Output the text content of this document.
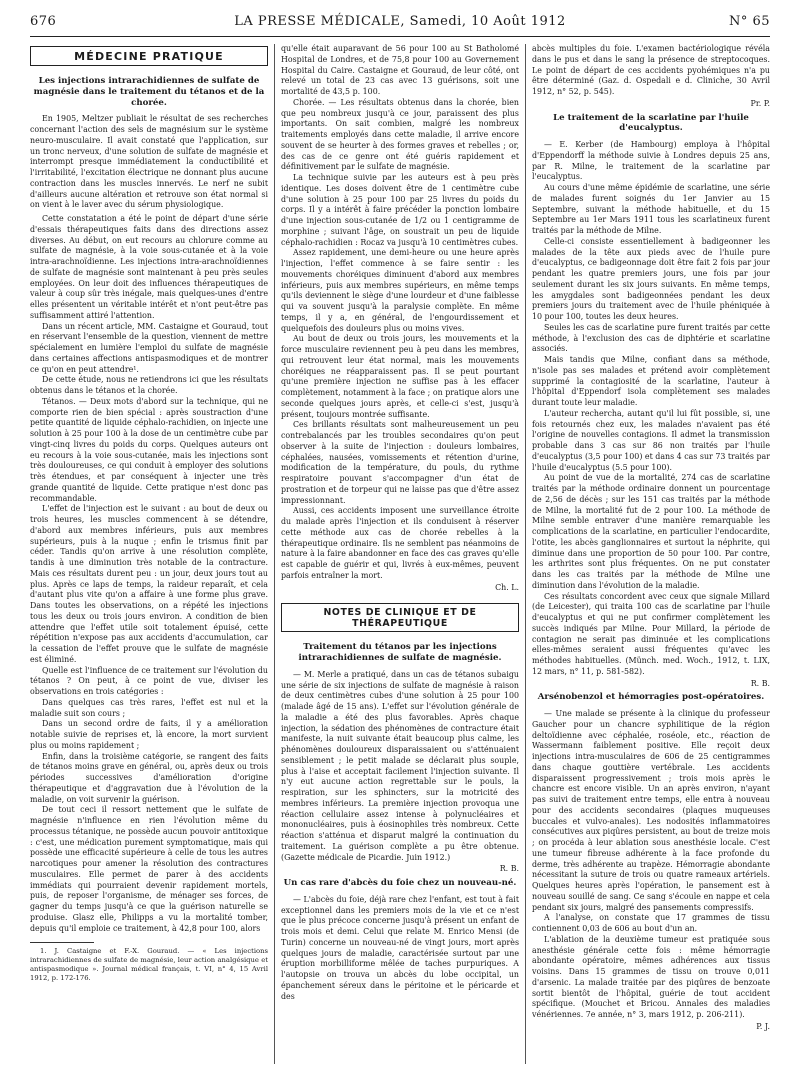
LA PRESSE MÉDICALE, Samedi, 10 Août 1912
676	N° 65
MÉDECINE PRATIQUE
Les injections intrarachidiennes de sulfate de magnésie dans le traitement du tétanos et de la chorée.

En 1905, Meltzer publiait le résultat de ses recherches concernant l'action des sels de magnésium sur le système neuro-musculaire. Il avait constaté que l'application, sur un tronc nerveux, d'une solution de sulfate de magnésie et interrompt presque immédiatement la conductibilité et l'irritabilité, l'excitation électrique ne donnant plus aucune contraction dans les muscles innervés. Le nerf ne subit d'ailleurs aucune altération et retrouve son état normal si on vient à le laver avec du sérum physiologique.

Cette constatation a été le point de départ d'une série d'essais thérapeutiques faits dans des directions assez diverses. Au début, on eut recours au chlorure comme au sulfate de magnésie, à la voie sous-cutanée et à la voie intra-arachnoïdienne. Les injections intra-arachnoïdiennes de sulfate de magnésie sont maintenant à peu près seules employées. On leur doit des influences thérapeutiques de valeur à coup sûr très inégale, mais quelques-unes d'entre elles présentent un véritable intérêt et n'ont peut-être pas suffisamment attiré l'attention.

Dans un récent article, MM. Castaigne et Gouraud, tout en réservant l'ensemble de la question, viennent de mettre spécialement en lumière l'emploi du sulfate de magnésie dans certaines affections antispasmodiques et de montrer ce qu'on en peut attendre¹.

De cette étude, nous ne retiendrons ici que les résultats obtenus dans le tétanos et la chorée.

Tétanos. — Deux mots d'abord sur la technique, qui ne comporte rien de bien spécial : après soustraction d'une petite quantité de liquide céphalo-rachidien, on injecte une solution à 25 pour 100 à la dose de un centimètre cube par vingt-cinq livres du poids du corps. Quelques auteurs ont eu recours à la voie sous-cutanée, mais les injections sont très douloureuses, ce qui conduit à employer des solutions très étendues, et par conséquent à injecter une très grande quantité de liquide. Cette pratique n'est donc pas recommandable.

L'effet de l'injection est le suivant : au bout de deux ou trois heures, les muscles commencent à se détendre, d'abord aux membres inférieurs, puis aux membres supérieurs, puis à la nuque ; enfin le trismus finit par céder. Tandis qu'on arrive à une résolution complète, tandis à une diminution très notable de la contracture. Mais ces résultats durent peu : un jour, deux jours tout au plus. Après ce laps de temps, la raideur reparaît, et cela d'autant plus vite qu'on a affaire à une forme plus grave. Dans toutes les observations, on a répété les injections tous les deux ou trois jours environ. A condition de bien attendre que l'effet utile soit totalement épuisé, cette répétition n'expose pas aux accidents d'accumulation, car la cessation de l'effet prouve que le sulfate de magnésie est éliminé.

Quelle est l'influence de ce traitement sur l'évolution du tétanos ? On peut, à ce point de vue, diviser les observations en trois catégories :

Dans quelques cas très rares, l'effet est nul et la maladie suit son cours ;

Dans un second ordre de faits, il y a amélioration notable suivie de reprises et, là encore, la mort survient plus ou moins rapidement ;

Enfin, dans la troisième catégorie, se rangent des faits de tétanos moins grave en général, ou, après deux ou trois périodes successives d'amélioration d'origine thérapeutique et d'aggravation due à l'évolution de la maladie, on voit survenir la guérison.

De tout ceci il ressort nettement que le sulfate de magnésie n'influence en rien l'évolution même du processus tétanique, ne possède aucun pouvoir antitoxique : c'est, une médication purement symptomatique, mais qui possède une efficacité supérieure à celle de tous les autres narcotiques pour amener la résolution des contractures musculaires. Elle permet de parer à des accidents immédiats qui pourraient devenir rapidement mortels, puis, de reposer l'organisme, de ménager ses forces, de gagner du temps jusqu'à ce que la guérison naturelle se produise. Glasz elle, Philipps a vu la mortalité tomber, depuis qu'il emploie ce traitement, à 42,8 pour 100, alors

1. J. Castaigne et F.-X. Gouraud. — « Les injections intrarachidiennes de sulfate de magnésie, leur action analgésique et antispasmodique ». Journal médical français, t. VI, n° 4, 15 Avril 1912, p. 172-176.

qu'elle était auparavant de 56 pour 100 au St Batholomé Hospital de Londres, et de 75,8 pour 100 au Governement Hospital du Caire. Castaigne et Gouraud, de leur côté, ont relevé un total de 23 cas avec 13 guérisons, soit une mortalité de 43,5 p. 100.

Chorée. — Les résultats obtenus dans la chorée, bien que peu nombreux jusqu'à ce jour, paraissent des plus importants. On sait combien, malgré les nombreux traitements employés dans cette maladie, il arrive encore souvent de se heurter à des formes graves et rebelles ; or, des cas de ce genre ont été guéris rapidement et définitivement par le sulfate de magnésie.

La technique suivie par les auteurs est à peu près identique. Les doses doivent être de 1 centimètre cube d'une solution à 25 pour 100 par 25 livres du poids du corps. Il y a intérêt à faire précéder la ponction lombaire d'une injection sous-cutanée de 1/2 ou 1 centigramme de morphine ; suivant l'âge, on soustrait un peu de liquide céphalo-rachidien : Rocaz va jusqu'à 10 centimètres cubes.

Assez rapidement, une demi-heure ou une heure après l'injection, l'effet commence à se faire sentir : les mouvements choréiques diminuent d'abord aux membres inférieurs, puis aux membres supérieurs, en même temps qu'ils deviennent le siège d'une lourdeur et d'une faiblesse qui va souvent jusqu'à la paralysie complète. En même temps, il y a, en général, de l'engourdissement et quelquefois des douleurs plus ou moins vives.

Au bout de deux ou trois jours, les mouvements et la force musculaire reviennent peu à peu dans les membres, qui retrouvent leur état normal, mais les mouvements choréiques ne réapparaissent pas. Il se peut pourtant qu'une première injection ne suffise pas à les effacer complètement, notamment à la face ; on pratique alors une seconde quelques jours après, et celle-ci s'est, jusqu'à présent, toujours montrée suffisante.

Ces brillants résultats sont malheureusement un peu contrebalancés par les troubles secondaires qu'on peut observer à la suite de l'injection : douleurs lombaires, céphalées, nausées, vomissements et rétention d'urine, modification de la température, du pouls, du rythme respiratoire pouvant s'accompagner d'un état de prostration et de torpeur qui ne laisse pas que d'être assez impressionnant.

Aussi, ces accidents imposent une surveillance étroite du malade après l'injection et ils conduisent à réserver cette méthode aux cas de chorée rebelles à la thérapeutique ordinaire. Ils ne semblent pas néanmoins de nature à la faire abandonner en face des cas graves qu'elle est capable de guérir et qui, livrés à eux-mêmes, peuvent parfois entraîner la mort.

Ch. L.

NOTES DE CLINIQUE ET DE THÉRAPEUTIQUE
Traitement du tétanos par les injections intrarachidiennes de sulfate de magnésie.

— M. Merle a pratiqué, dans un cas de tétanos subaigu une série de six injections de sulfate de magnésie à raison de deux centimètres cubes d'une solution à 25 pour 100 (malade âgé de 15 ans). L'effet sur l'évolution générale de la maladie a été des plus favorables. Après chaque injection, la sédation des phénomènes de contracture était manifeste, la nuit suivante était beaucoup plus calme, les phénomènes douloureux disparaissaient ou s'atténuaient sensiblement ; le petit malade se déclarait plus souple, plus à l'aise et acceptait facilement l'injection suivante. Il n'y eut aucune action regrettable sur le pouls, la respiration, sur les sphincters, sur la motricité des membres inférieurs. La première injection provoqua une réaction cellulaire assez intense à polynucléaires et mononucléaires, puis à éosinophiles très nombreux. Cette réaction s'atténua et disparut malgré la continuation du traitement. La guérison complète a pu être obtenue. (Gazette médicale de Picardie. Juin 1912.)

R. B.

Un cas rare d'abcès du foie chez un nouveau-né.

— L'abcès du foie, déjà rare chez l'enfant, est tout à fait exceptionnel dans les premiers mois de la vie et ce n'est que le plus précoce concerne jusqu'à présent un enfant de trois mois et demi. Celui que relate M. Enrico Mensi (de Turin) concerne un nouveau-né de vingt jours, mort après quelques jours de maladie, caractérisée surtout par une éruption morbilliforme mêlée de taches purpuriques. A l'autopsie on trouva un abcès du lobe occipital, un épanchement séreux dans le péritoine et le péricarde et des

abcès multiples du foie. L'examen bactériologique révéla dans le pus et dans le sang la présence de streptocoques. Le point de départ de ces accidents pyohémiques n'a pu être déterminé (Gaz. d. Ospedali e d. Cliniche, 30 Avril 1912, n° 52, p. 545).

Pr. P.

Le traitement de la scarlatine par l'huile d'eucalyptus.

— E. Kerber (de Hambourg) employa à l'hôpital d'Eppendorff la méthode suivie à Londres depuis 25 ans, par R. Milne, le traitement de la scarlatine par l'eucalyptus.

Au cours d'une même épidémie de scarlatine, une série de malades furent soignés du 1er Janvier au 15 Septembre, suivant la méthode habituelle, et du 15 Septembre au 1er Mars 1911 tous les scarlatineux furent traités par la méthode de Milne.

Celle-ci consiste essentiellement à badigeonner les malades de la tête aux pieds avec de l'huile pure d'eucalyptus, ce badigeonnage doit être fait 2 fois par jour pendant les quatre premiers jours, une fois par jour seulement durant les six jours suivants. En même temps, les amygdales sont badigeonnées pendant les deux premiers jours du traitement avec de l'huile phéniquée à 10 pour 100, toutes les deux heures.

Seules les cas de scarlatine pure furent traités par cette méthode, à l'exclusion des cas de diphtérie et scarlatine associés.

Mais tandis que Milne, confiant dans sa méthode, n'isole pas ses malades et prétend avoir complètement supprimé la contagiosité de la scarlatine, l'auteur à l'hôpital d'Eppendorf isola complètement ses malades durant toute leur maladie.

L'auteur rechercha, autant qu'il lui fût possible, si, une fois retournés chez eux, les malades n'avaient pas été l'origine de nouvelles contagions. Il admet la transmission probable dans 3 cas sur 86 non traités par l'huile d'eucalyptus (3,5 pour 100) et dans 4 cas sur 73 traités par l'huile d'eucalyptus (5.5 pour 100).

Au point de vue de la mortalité, 274 cas de scarlatine traités par la méthode ordinaire donnent un pourcentage de 2,56 de décès ; sur les 151 cas traités par la méthode de Milne, la mortalité fut de 2 pour 100. La méthode de Milne semble entraver d'une manière remarquable les complications de la scarlatine, en particulier l'endocardite, l'otite, les abcès ganglionnaires et surtout la néphrite, qui diminue dans une proportion de 50 pour 100. Par contre, les arthrites sont plus fréquentes. On ne put constater dans les cas traités par la méthode de Milne une diminution dans l'évolution de la maladie.

Ces résultats concordent avec ceux que signale Millard (de Leicester), qui traita 100 cas de scarlatine par l'huile d'eucalyptus et qui ne put confirmer complètement les succès indiqués par Milne. Pour Millard, la période de contagion ne serait pas diminuée et les complications elles-mêmes seraient aussi fréquentes qu'avec les méthodes habituelles. (Münch. med. Woch., 1912, t. LIX, 12 mars, n° 11, p. 581-582).

R. B.

Arsénobenzol et hémorragies post-opératoires.

— Une malade se présente à la clinique du professeur Gaucher pour un chancre syphilitique de la région deltoïdienne avec céphalée, roséole, etc., réaction de Wassermann faiblement positive. Elle reçoit deux injections intra-musculaires de 606 de 25 centigrammes dans chaque gouttière vertébrale. Les accidents disparaissent progressivement ; trois mois après le chancre est encore visible. Un an après environ, n'ayant pas suivi de traitement entre temps, elle entra à nouveau pour des accidents secondaires (plaques muqueuses buccales et vulvo-anales). Les nodosités inflammatoires consécutives aux piqûres persistent, au bout de treize mois ; on procéda à leur ablation sous anesthésie locale. C'est une tumeur fibreuse adhérente à la face profonde du derme, très adhérente au trapèze. Hémorragie abondante nécessitant la suture de trois ou quatre rameaux artériels. Quelques heures après l'opération, le pansement est à nouveau souillé de sang. Ce sang s'écoule en nappe et cela pendant six jours, malgré des pansements compressifs.

A l'analyse, on constate que 17 grammes de tissu contiennent 0,03 de 606 au bout d'un an.

L'ablation de la deuxième tumeur est pratiquée sous anesthésie générale cette fois : même hémorragie abondante opératoire, mêmes adhérences aux tissus voisins. Dans 15 grammes de tissu on trouve 0,011 d'arsenic. La malade traitée par des piqûres de benzoate sortit bientôt de l'hôpital, guérie de tout accident spécifique. (Mouchet et Bricou. Annales des maladies vénériennes. 7e année, n° 3, mars 1912, p. 206-211).

P. J.
